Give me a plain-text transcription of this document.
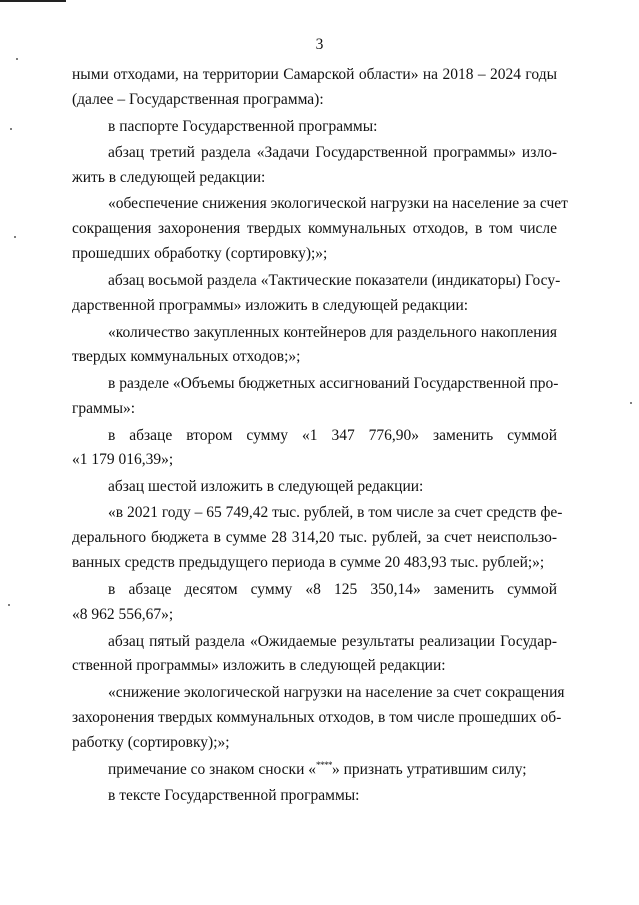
3
ными отходами, на территории Самарской области» на 2018 – 2024 годы
(далее – Государственная программа):
в паспорте Государственной программы:
абзац третий раздела «Задачи Государственной программы» изло-
жить в следующей редакции:
«обеспечение снижения экологической нагрузки на население за счет
сокращения захоронения твердых коммунальных отходов, в том числе
прошедших обработку (сортировку);»;
абзац восьмой раздела «Тактические показатели (индикаторы) Госу-
дарственной программы» изложить в следующей редакции:
«количество закупленных контейнеров для раздельного накопления
твердых коммунальных отходов;»;
в разделе «Объемы бюджетных ассигнований Государственной про-
граммы»:
в абзаце втором сумму «1 347 776,90» заменить суммой
«1 179 016,39»;
абзац шестой изложить в следующей редакции:
«в 2021 году – 65 749,42 тыс. рублей, в том числе за счет средств фе-
дерального бюджета в сумме 28 314,20 тыс. рублей, за счет неиспользо-
ванных средств предыдущего периода в сумме 20 483,93 тыс. рублей;»;
в абзаце десятом сумму «8 125 350,14» заменить суммой
«8 962 556,67»;
абзац пятый раздела «Ожидаемые результаты реализации Государ-
ственной программы» изложить в следующей редакции:
«снижение экологической нагрузки на население за счет сокращения
захоронения твердых коммунальных отходов, в том числе прошедших об-
работку (сортировку);»;
примечание со знаком сноски «****» признать утратившим силу;
в тексте Государственной программы:
